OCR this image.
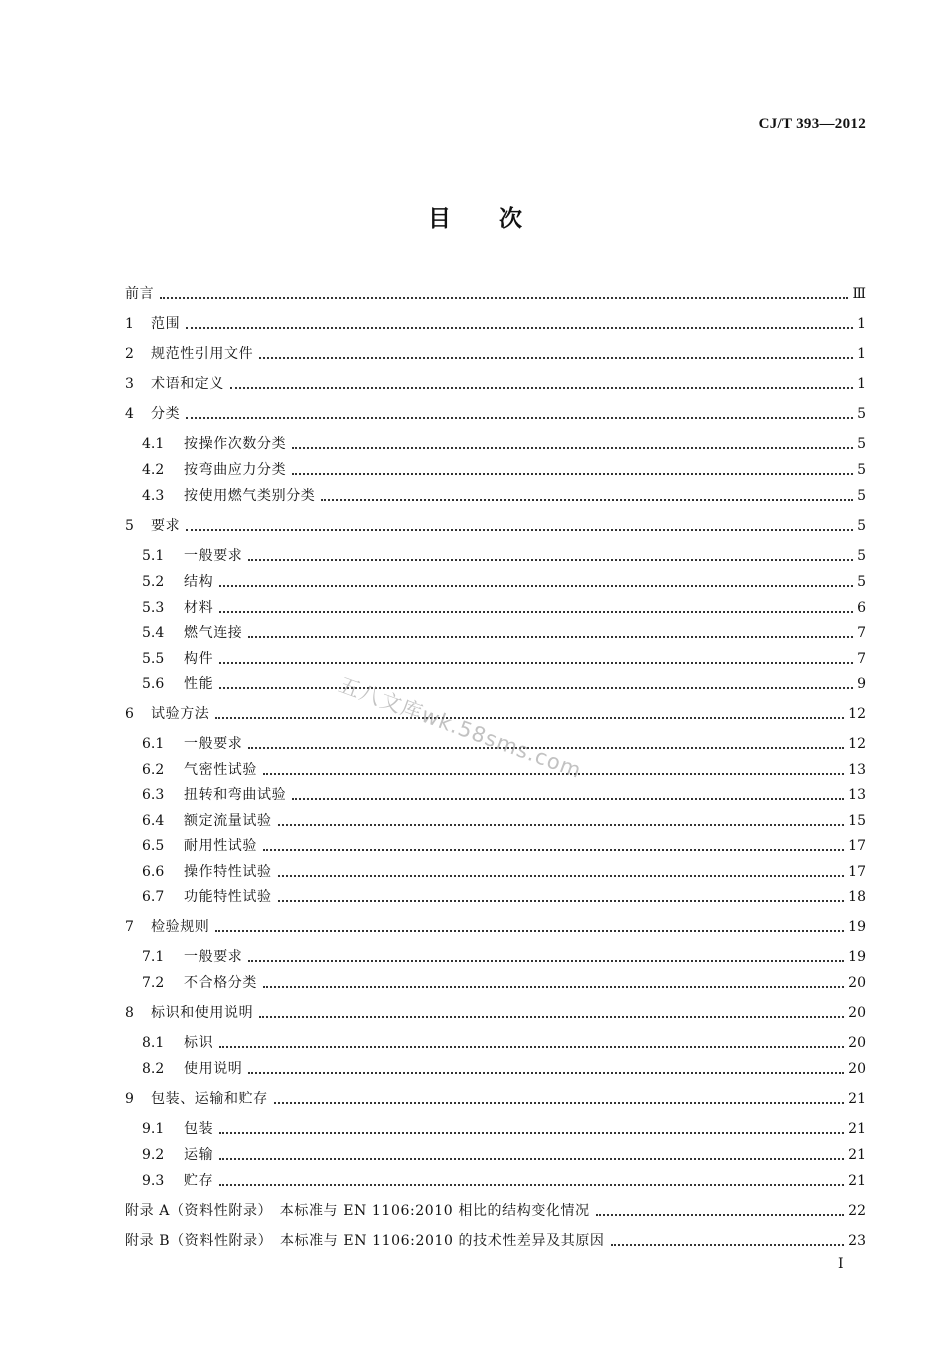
CJ/T 393—2012
目次
前言	Ⅲ
1	范围	1
2	规范性引用文件	1
3	术语和定义	1
4	分类	5
4.1	按操作次数分类	5
4.2	按弯曲应力分类	5
4.3	按使用燃气类别分类	5
5	要求	5
5.1	一般要求	5
5.2	结构	5
5.3	材料	6
5.4	燃气连接	7
5.5	构件	7
5.6	性能	9
6	试验方法	12
6.1	一般要求	12
6.2	气密性试验	13
6.3	扭转和弯曲试验	13
6.4	额定流量试验	15
6.5	耐用性试验	17
6.6	操作特性试验	17
6.7	功能特性试验	18
7	检验规则	19
7.1	一般要求	19
7.2	不合格分类	20
8	标识和使用说明	20
8.1	标识	20
8.2	使用说明	20
9	包装、运输和贮存	21
9.1	包装	21
9.2	运输	21
9.3	贮存	21
附录 A（资料性附录）　本标准与 EN 1106:2010 相比的结构变化情况	22
附录 B（资料性附录）　本标准与 EN 1106:2010 的技术性差异及其原因	23
五八文库wk.58sms.com
I
